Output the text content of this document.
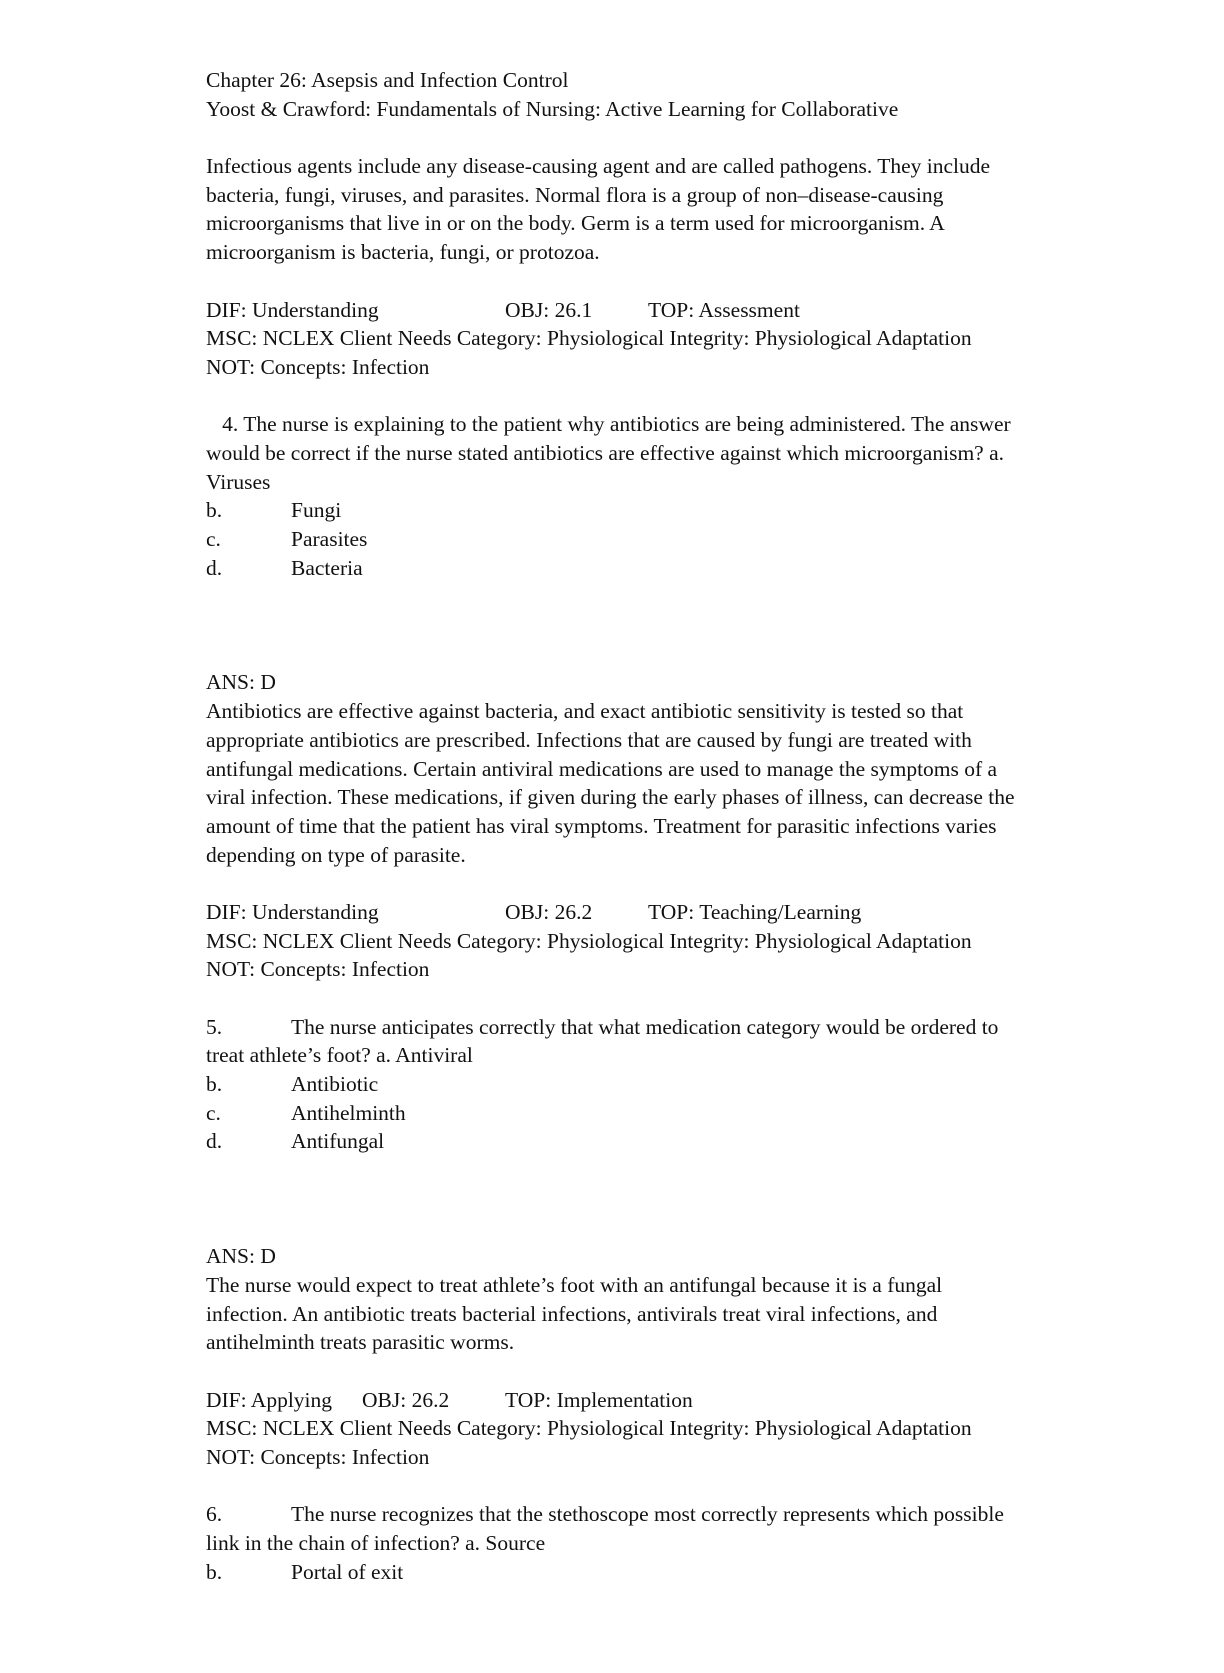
Chapter 26: Asepsis and Infection Control
Yoost & Crawford: Fundamentals of Nursing: Active Learning for Collaborative
Infectious agents include any disease-causing agent and are called pathogens. They include
bacteria, fungi, viruses, and parasites. Normal flora is a group of non–disease-causing
microorganisms that live in or on the body. Germ is a term used for microorganism. A
microorganism is bacteria, fungi, or protozoa.

DIF: Understanding

	OBJ: 26.1

	TOP: Assessment

MSC: NCLEX Client Needs Category: Physiological Integrity: Physiological Adaptation
NOT: Concepts: Infection
4. The nurse is explaining to the patient why antibiotics are being administered. The answer
would be correct if the nurse stated antibiotics are effective against which microorganism? a.
Viruses

b.

	Fungi

c.

	Parasites

d.

	Bacteria

ANS: D
Antibiotics are effective against bacteria, and exact antibiotic sensitivity is tested so that
appropriate antibiotics are prescribed. Infections that are caused by fungi are treated with
antifungal medications. Certain antiviral medications are used to manage the symptoms of a
viral infection. These medications, if given during the early phases of illness, can decrease the
amount of time that the patient has viral symptoms. Treatment for parasitic infections varies
depending on type of parasite.

DIF: Understanding

	OBJ: 26.2

	TOP: Teaching/Learning

MSC: NCLEX Client Needs Category: Physiological Integrity: Physiological Adaptation
NOT: Concepts: Infection

5.

	The nurse anticipates correctly that what medication category would be ordered to

treat athlete’s foot? a. Antiviral

b.

	Antibiotic

c.

	Antihelminth

d.

	Antifungal

ANS: D
The nurse would expect to treat athlete’s foot with an antifungal because it is a fungal
infection. An antibiotic treats bacterial infections, antivirals treat viral infections, and
antihelminth treats parasitic worms.

DIF: Applying

OBJ: 26.2

	TOP: Implementation

MSC: NCLEX Client Needs Category: Physiological Integrity: Physiological Adaptation
NOT: Concepts: Infection

6.

	The nurse recognizes that the stethoscope most correctly represents which possible

link in the chain of infection? a. Source

b.

	Portal of exit
